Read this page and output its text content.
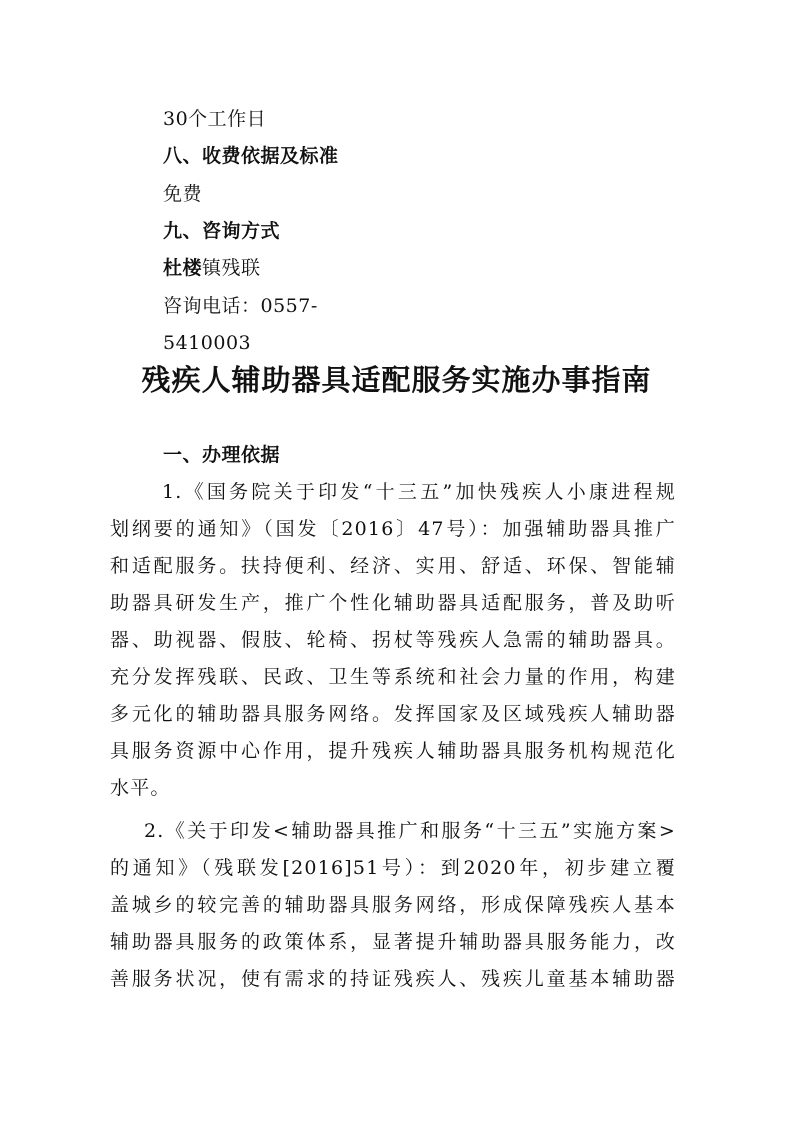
30个工作日
八、收费依据及标准
免费
九、咨询方式
杜楼镇残联
咨询电话：0557-
5410003
残疾人辅助器具适配服务实施办事指南
一、办理依据
1.《国务院关于印发“十三五”加快残疾人小康进程规
划纲要的通知》（国发〔2016〕47号）：加强辅助器具推广
和适配服务。扶持便利、经济、实用、舒适、环保、智能辅
助器具研发生产，推广个性化辅助器具适配服务，普及助听
器、助视器、假肢、轮椅、拐杖等残疾人急需的辅助器具。
充分发挥残联、民政、卫生等系统和社会力量的作用，构建
多元化的辅助器具服务网络。发挥国家及区域残疾人辅助器
具服务资源中心作用，提升残疾人辅助器具服务机构规范化
水平。
2.《关于印发<辅助器具推广和服务“十三五”实施方案>
的通知》（残联发[2016]51号）：到2020年，初步建立覆
盖城乡的较完善的辅助器具服务网络，形成保障残疾人基本
辅助器具服务的政策体系，显著提升辅助器具服务能力，改
善服务状况，使有需求的持证残疾人、残疾儿童基本辅助器
